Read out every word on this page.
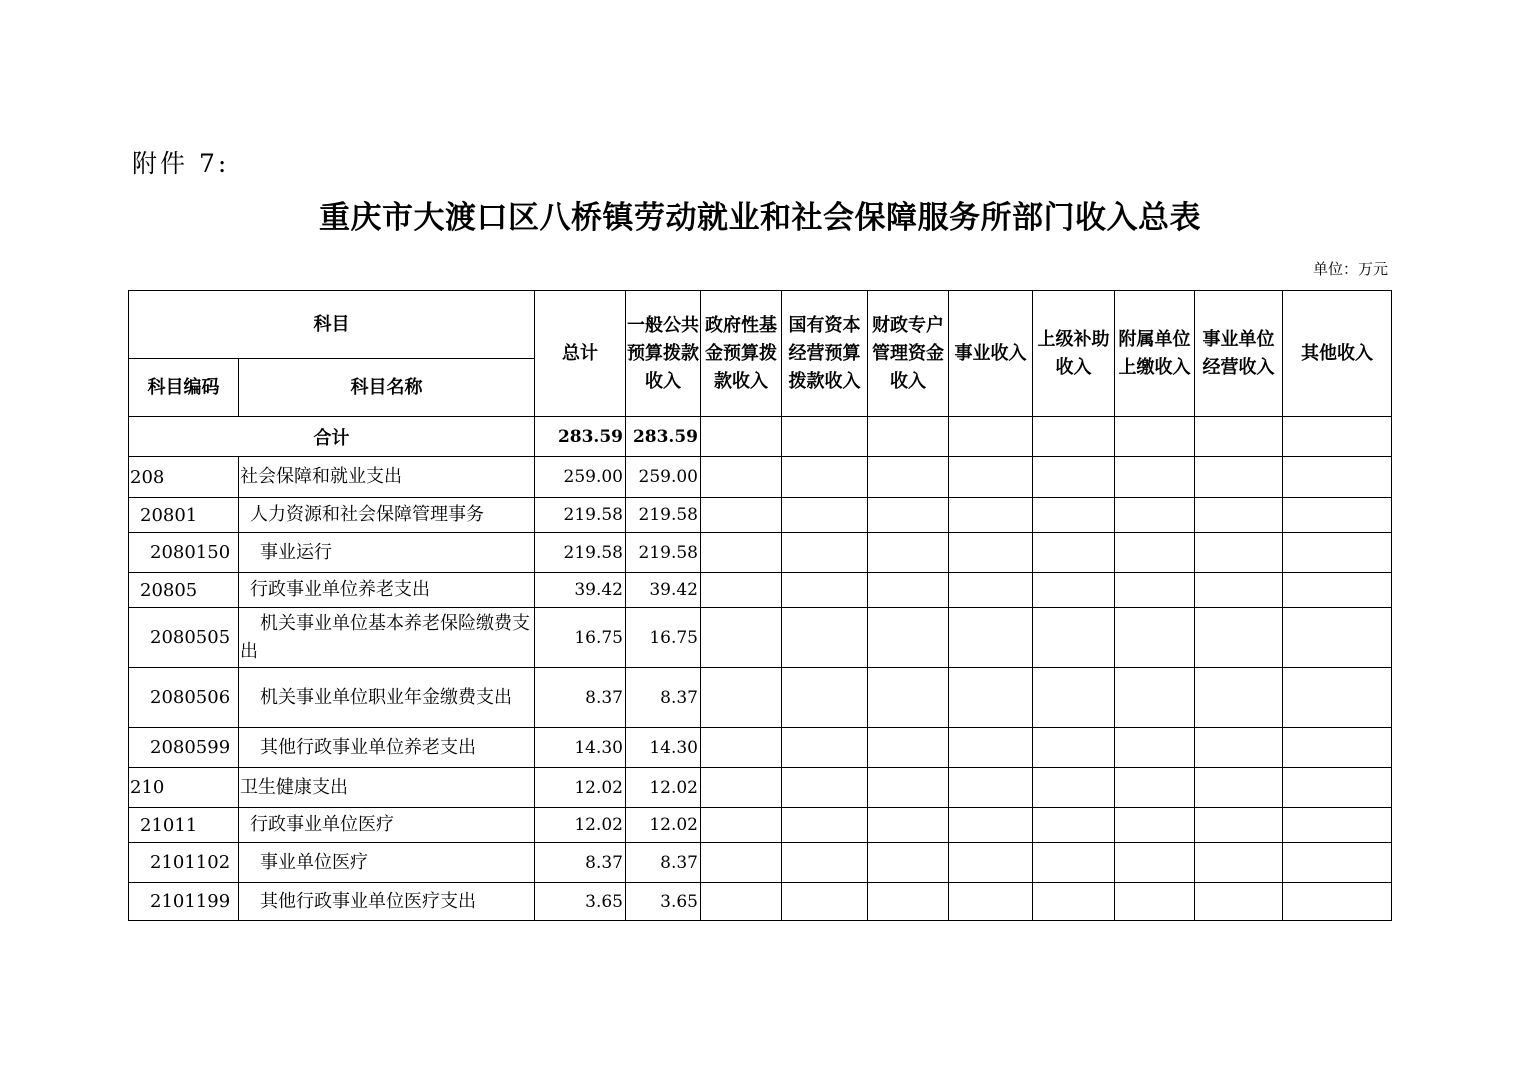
附件 7:
重庆市大渡口区八桥镇劳动就业和社会保障服务所部门收入总表
单位：万元
科目		总计	一般公共预算拨款收入	政府性基金预算拨款收入	国有资本经营预算拨款收入	财政专户管理资金收入	事业收入	上级补助收入	附属单位上缴收入	事业单位经营收入	其他收入
科目编码	科目名称										
合计		283.59	283.59								
208	社会保障和就业支出	259.00	259.00								
20801	人力资源和社会保障管理事务	219.58	219.58								
2080150	事业运行	219.58	219.58								
20805	行政事业单位养老支出	39.42	39.42								
2080505	机关事业单位基本养老保险缴费支出	16.75	16.75								
2080506	机关事业单位职业年金缴费支出	8.37	8.37								
2080599	其他行政事业单位养老支出	14.30	14.30								
210	卫生健康支出	12.02	12.02								
21011	行政事业单位医疗	12.02	12.02								
2101102	事业单位医疗	8.37	8.37								
2101199	其他行政事业单位医疗支出	3.65	3.65								
